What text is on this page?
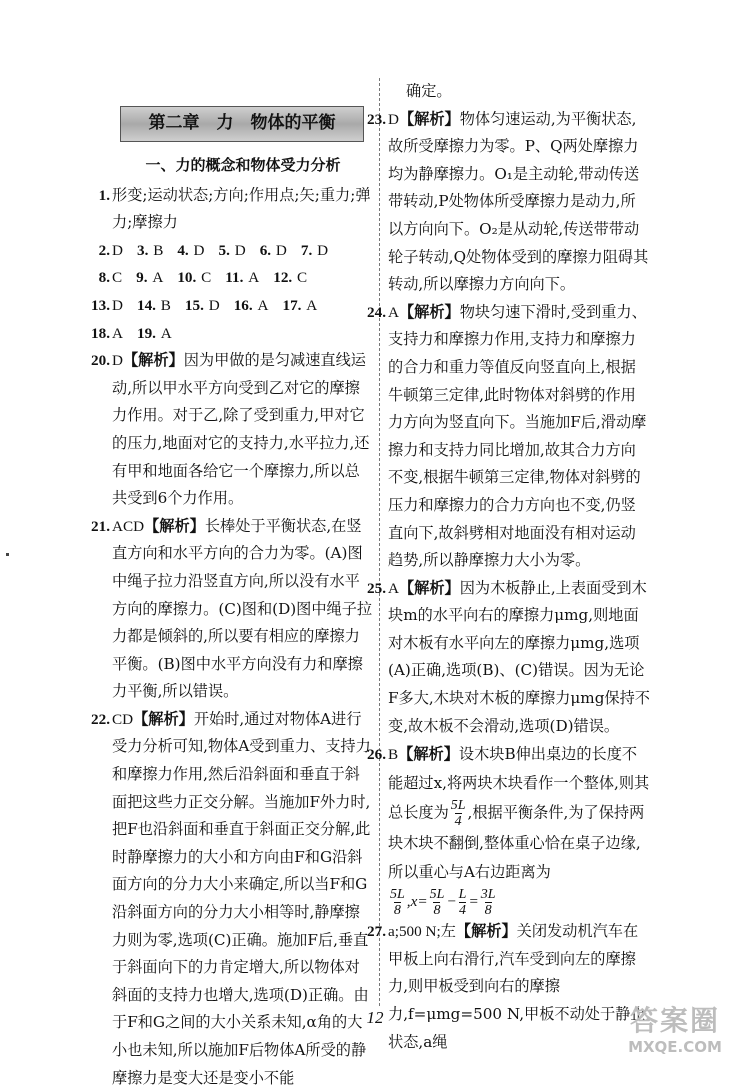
第二章　力　物体的平衡
一、力的概念和物体受力分析
1. 形变;运动状态;方向;作用点;矢;重力;弹力;摩擦力
2. D 3. B 4. D 5. D 6. D 7. D
8. C 9. A 10. C 11. A 12. C
13. D 14. B 15. D 16. A 17. A
18. A 19. A
20. D【解析】因为甲做的是匀减速直线运动,所以甲水平方向受到乙对它的摩擦力作用。对于乙,除了受到重力,甲对它的压力,地面对它的支持力,水平拉力,还有甲和地面各给它一个摩擦力,所以总共受到6个力作用。
21. ACD【解析】长棒处于平衡状态,在竖直方向和水平方向的合力为零。(A)图中绳子拉力沿竖直方向,所以没有水平方向的摩擦力。(C)图和(D)图中绳子拉力都是倾斜的,所以要有相应的摩擦力平衡。(B)图中水平方向没有力和摩擦力平衡,所以错误。
22. CD【解析】开始时,通过对物体A进行受力分析可知,物体A受到重力、支持力和摩擦力作用,然后沿斜面和垂直于斜面把这些力正交分解。当施加F外力时,把F也沿斜面和垂直于斜面正交分解,此时静摩擦力的大小和方向由F和G沿斜面方向的分力大小来确定,所以当F和G沿斜面方向的分力大小相等时,静摩擦力则为零,选项(C)正确。施加F后,垂直于斜面向下的力肯定增大,所以物体对斜面的支持力也增大,选项(D)正确。由于F和G之间的大小关系未知,α角的大小也未知,所以施加F后物体A所受的静摩擦力是变大还是变小不能
确定。
23. D【解析】物体匀速运动,为平衡状态,故所受摩擦力为零。P、Q两处摩擦力均为静摩擦力。O₁是主动轮,带动传送带转动,P处物体所受摩擦力是动力,所以方向向下。O₂是从动轮,传送带带动轮子转动,Q处物体受到的摩擦力阻碍其转动,所以摩擦力方向向下。
24. A【解析】物块匀速下滑时,受到重力、支持力和摩擦力作用,支持力和摩擦力的合力和重力等值反向竖直向上,根据牛顿第三定律,此时物体对斜劈的作用力方向为竖直向下。当施加F后,滑动摩擦力和支持力同比增加,故其合力方向不变,根据牛顿第三定律,物体对斜劈的压力和摩擦力的合力方向也不变,仍竖直向下,故斜劈相对地面没有相对运动趋势,所以静摩擦力大小为零。
25. A【解析】因为木板静止,上表面受到木块m的水平向右的摩擦力μmg,则地面对木板有水平向左的摩擦力μmg,选项(A)正确,选项(B)、(C)错误。因为无论F多大,木块对木板的摩擦力μmg保持不变,故木板不会滑动,选项(D)错误。
26. B【解析】设木块B伸出桌边的长度不能超过x,将两块木块看作一个整体,则其总长度为 $\frac{5L}{4}$ ,根据平衡条件,为了保持两块木块不翻倒,整体重心恰在桌子边缘,所以重心与A右边距离为

$\frac{5L}{8} ,x= \frac{5L}{8} - \frac{L}{4} = \frac{3L}{8}$
27. a;500 N;左【解析】关闭发动机汽车在甲板上向右滑行,汽车受到向左的摩擦力,则甲板受到向右的摩擦力,f=μmg=500 N,甲板不动处于静止状态,a绳
12	答案圈
MXQE.COM
